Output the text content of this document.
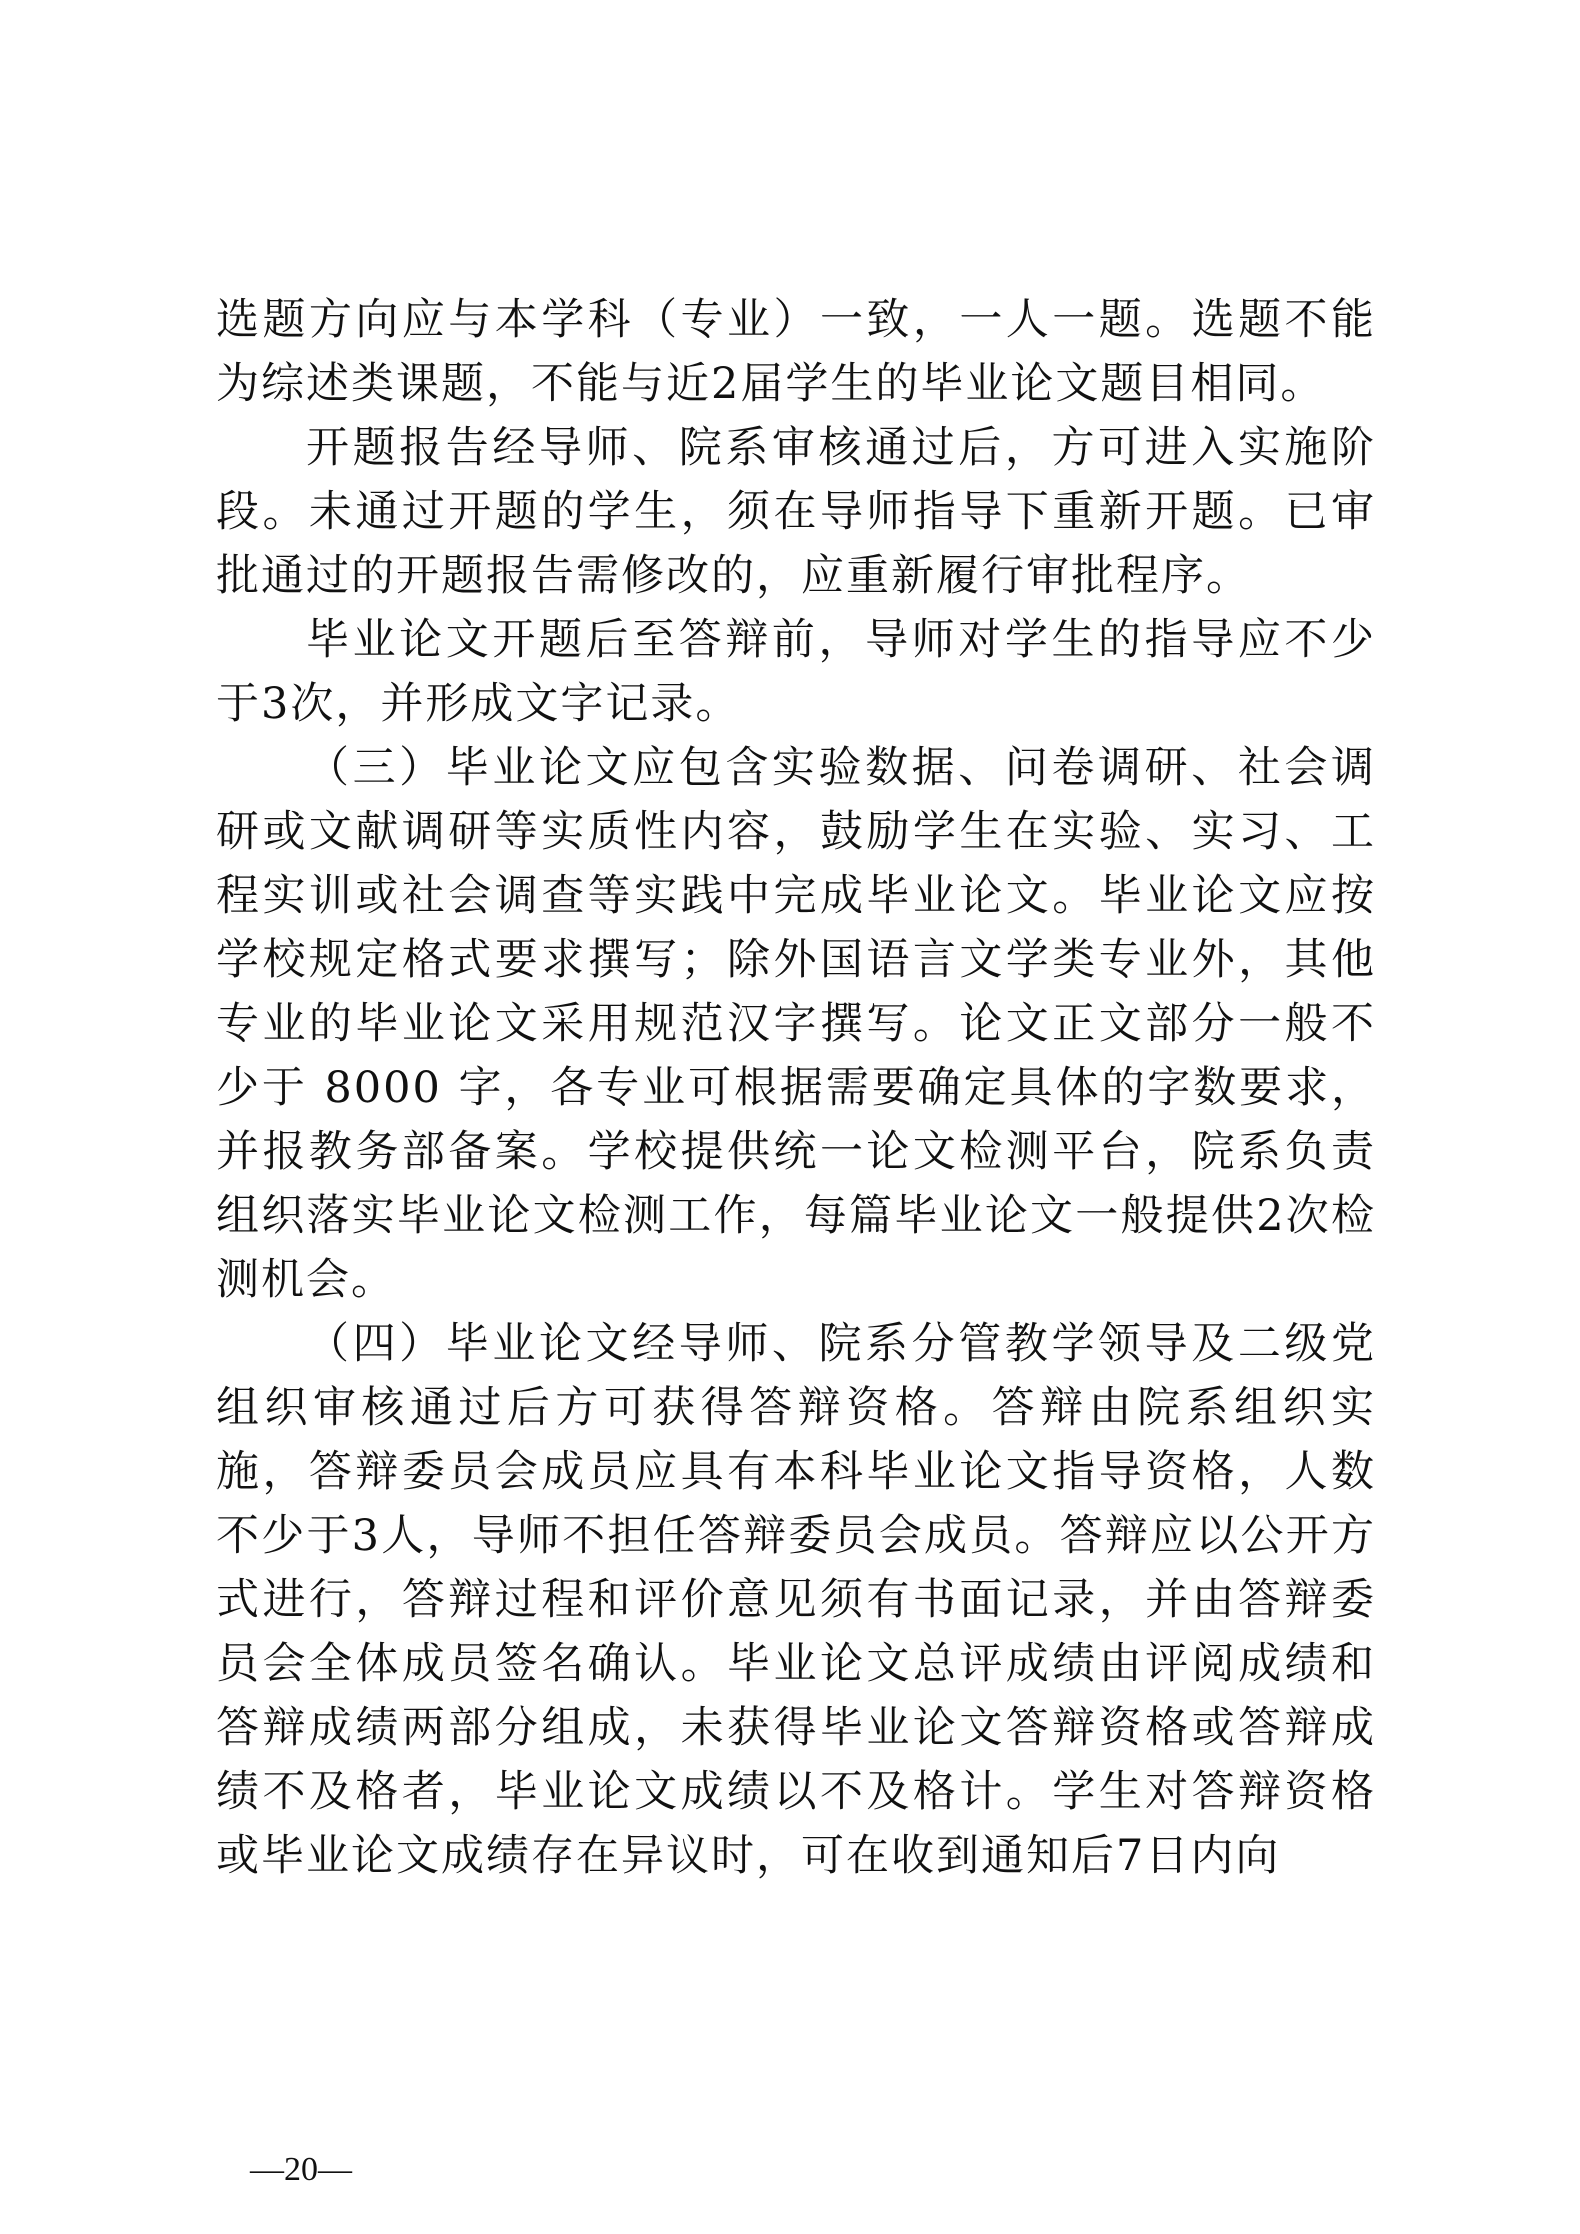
选题方向应与本学科（专业）一致，一人一题。选题不能为综述类课题，不能与近2届学生的毕业论文题目相同。

开题报告经导师、院系审核通过后，方可进入实施阶段。未通过开题的学生，须在导师指导下重新开题。已审批通过的开题报告需修改的，应重新履行审批程序。

毕业论文开题后至答辩前，导师对学生的指导应不少于3次，并形成文字记录。

（三）毕业论文应包含实验数据、问卷调研、社会调研或文献调研等实质性内容，鼓励学生在实验、实习、工程实训或社会调查等实践中完成毕业论文。毕业论文应按学校规定格式要求撰写；除外国语言文学类专业外，其他专业的毕业论文采用规范汉字撰写。论文正文部分一般不少于 8000 字，各专业可根据需要确定具体的字数要求，并报教务部备案。学校提供统一论文检测平台，院系负责组织落实毕业论文检测工作，每篇毕业论文一般提供2次检测机会。

（四）毕业论文经导师、院系分管教学领导及二级党组织审核通过后方可获得答辩资格。答辩由院系组织实施，答辩委员会成员应具有本科毕业论文指导资格，人数不少于3人，导师不担任答辩委员会成员。答辩应以公开方式进行，答辩过程和评价意见须有书面记录，并由答辩委员会全体成员签名确认。毕业论文总评成绩由评阅成绩和答辩成绩两部分组成，未获得毕业论文答辩资格或答辩成绩不及格者，毕业论文成绩以不及格计。学生对答辩资格或毕业论文成绩存在异议时，可在收到通知后7日内向

—20—
